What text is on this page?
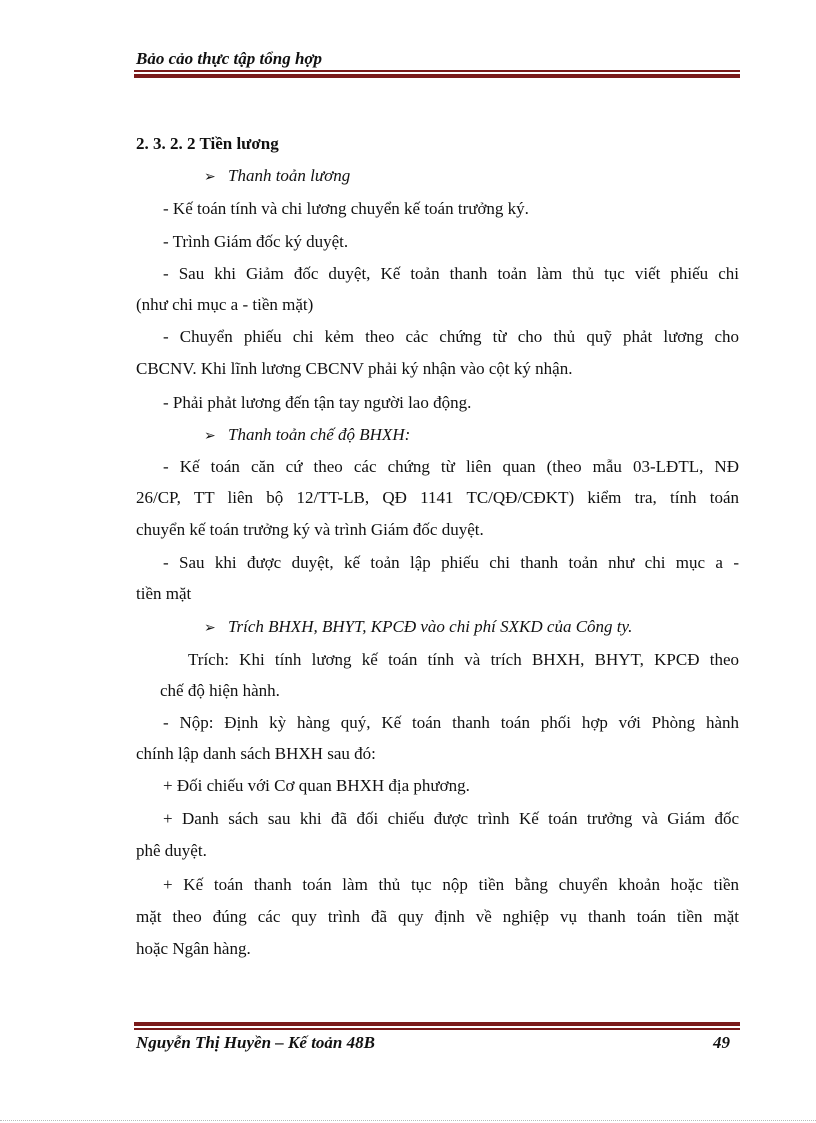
Bảo cảo thực tập tổng hợp
2. 3. 2. 2 Tiền lương
➢ Thanh toản lương
- Kế toán tính và chi lương chuyển kế toán trưởng ký.
- Trình Giám đốc ký duyệt.
- Sau khi Giảm đốc duyệt, Kế toản thanh toản làm thủ tục viết phiếu chi
(như chi mục a - tiền mặt)
- Chuyển phiếu chi kẻm theo cảc chứng từ cho thủ quỹ phảt lương cho
CBCNV. Khi lĩnh lương CBCNV phải ký nhận vào cột ký nhận.
- Phải phảt lương đến tận tay người lao động.
➢ Thanh toản chế độ BHXH:
- Kế toán căn cứ theo các chứng từ liên quan (theo mẫu 03-LĐTL, NĐ
26/CP, TT liên bộ 12/TT-LB, QĐ 1141 TC/QĐ/CĐKT) kiểm tra, tính toán
chuyển kế toán trưởng ký và trình Giám đốc duyệt.
- Sau khi được duyệt, kế toản lập phiếu chi thanh toản như chi mục a -
tiền mặt
➢ Trích BHXH, BHYT, KPCĐ vào chi phí SXKD của Công ty.
Trích: Khi tính lương kế toán tính và trích BHXH, BHYT, KPCĐ theo
chế độ hiện hành.
- Nộp: Định kỳ hàng quý, Kế toán thanh toán phối hợp với Phòng hành
chính lập danh sách BHXH sau đó:
+ Đối chiếu với Cơ quan BHXH địa phương.
+ Danh sách sau khi đã đối chiếu được trình Kế toán trưởng và Giám đốc
phê duyệt.
+ Kế toán thanh toán làm thủ tục nộp tiền bằng chuyển khoản hoặc tiền
mặt theo đúng các quy trình đã quy định về nghiệp vụ thanh toán tiền mặt
hoặc Ngân hàng.
Nguyễn Thị Huyền – Kế toản 48B	49
